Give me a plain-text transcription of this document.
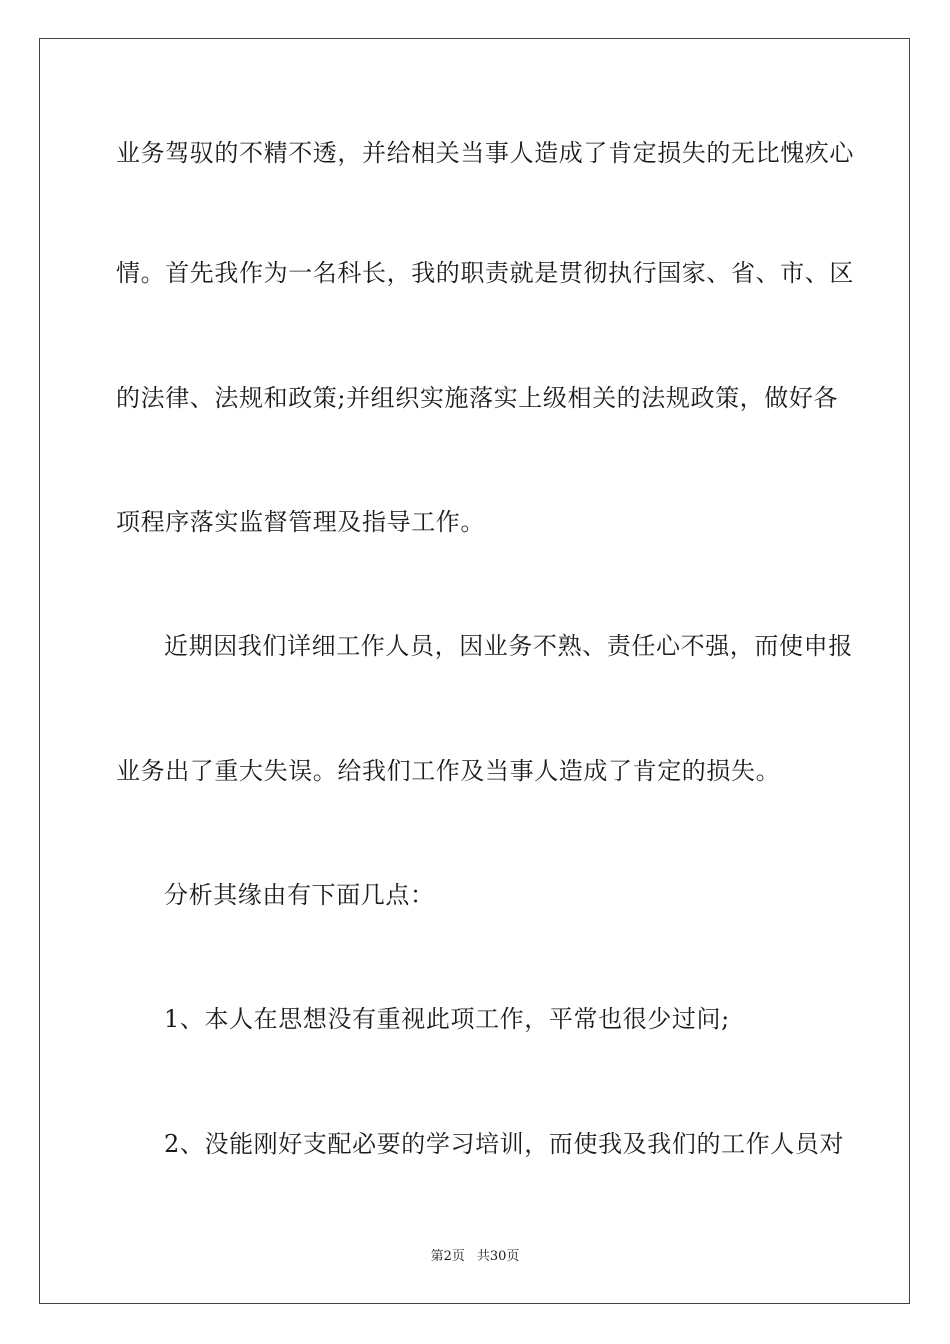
业务驾驭的不精不透，并给相关当事人造成了肯定损失的无比愧疚心
情。首先我作为一名科长，我的职责就是贯彻执行国家、省、市、区
的法律、法规和政策;并组织实施落实上级相关的法规政策，做好各
项程序落实监督管理及指导工作。
近期因我们详细工作人员，因业务不熟、责任心不强，而使申报
业务出了重大失误。给我们工作及当事人造成了肯定的损失。
分析其缘由有下面几点：
1、本人在思想没有重视此项工作，平常也很少过问;
2、没能刚好支配必要的学习培训，而使我及我们的工作人员对
第2页 共30页
